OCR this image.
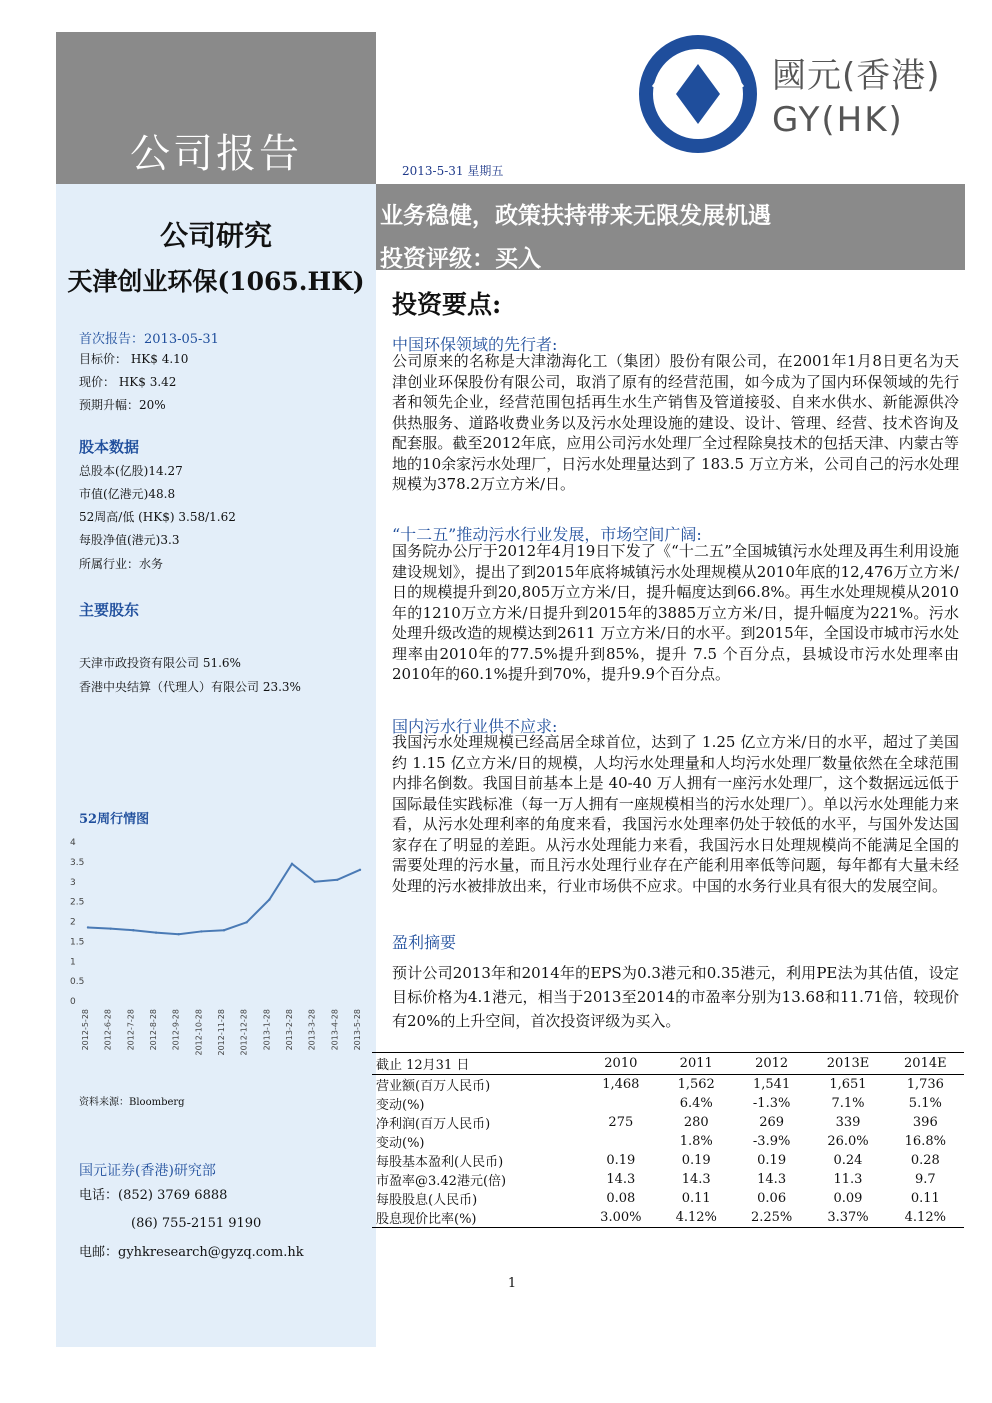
公司报告	2013-5-31 星期五
國元(香港)
GY(HK)
公司研究
天津创业环保(1065.HK)
首次报告：2013-05-31
目标价： HK$ 4.10
现价： HK$ 3.42
预期升幅：20%
股本数据
总股本(亿股)14.27
市值(亿港元)48.8
52周高/低 (HK$) 3.58/1.62
每股净值(港元)3.3
所属行业：水务
主要股东
天津市政投资有限公司 51.6%
香港中央结算（代理人）有限公司 23.3%
52周行情图
0
0.5
1
1.5
2
2.5
3
3.5
4
2012-5-28 2012-6-28 2012-7-28 2012-8-28 2012-9-28 2012-10-28 2012-11-28 2012-12-28 2013-1-28 2013-2-28 2013-3-28 2013-4-28 2013-5-28
资料来源：Bloomberg
国元证券(香港)研究部
电话：(852) 3769 6888
(86) 755-2151 9190
电邮：gyhkresearch@gyzq.com.hk
业务稳健，政策扶持带来无限发展机遇
投资评级：买入
投资要点:
中国环保领域的先行者:
公司原来的名称是大津渤海化工（集团）股份有限公司，在2001年1月8日更名为天津创业环保股份有限公司，取消了原有的经营范围，如今成为了国内环保领域的先行者和领先企业，经营范围包括再生水生产销售及管道接驳、自来水供水、新能源供冷供热服务、道路收费业务以及污水处理设施的建设、设计、管理、经营、技术咨询及配套服。截至2012年底，应用公司污水处理厂全过程除臭技术的包括天津、内蒙古等地的10余家污水处理厂，日污水处理量达到了 183.5 万立方米，公司自己的污水处理规模为378.2万立方米/日。
“十二五”推动污水行业发展，市场空间广阔:
国务院办公厅于2012年4月19日下发了《“十二五”全国城镇污水处理及再生利用设施建设规划》，提出了到2015年底将城镇污水处理规模从2010年底的12,476万立方米/日的规模提升到20,805万立方米/日，提升幅度达到66.8%。再生水处理规模从2010年的1210万立方米/日提升到2015年的3885万立方米/日，提升幅度为221%。污水处理升级改造的规模达到2611 万立方米/日的水平。到2015年，全国设市城市污水处理率由2010年的77.5%提升到85%，提升 7.5 个百分点，县城设市污水处理率由2010年的60.1%提升到70%，提升9.9个百分点。
国内污水行业供不应求:
我国污水处理规模已经高居全球首位，达到了 1.25 亿立方米/日的水平，超过了美国约 1.15 亿立方米/日的规模，人均污水处理量和人均污水处理厂数量依然在全球范围内排名倒数。我国目前基本上是 40-40 万人拥有一座污水处理厂，这个数据远远低于国际最佳实践标准（每一万人拥有一座规模相当的污水处理厂）。单以污水处理能力来看，从污水处理利率的角度来看，我国污水处理率仍处于较低的水平，与国外发达国家存在了明显的差距。从污水处理能力来看，我国污水日处理规模尚不能满足全国的需要处理的污水量，而且污水处理行业存在产能利用率低等问题，每年都有大量未经处理的污水被排放出来，行业市场供不应求。中国的水务行业具有很大的发展空间。
盈利摘要
预计公司2013年和2014年的EPS为0.3港元和0.35港元，利用PE法为其估值，设定目标价格为4.1港元，相当于2013至2014的市盈率分别为13.68和11.71倍，较现价有20%的上升空间，首次投资评级为买入。
截止 12月31 日	2010	2011	2012	2013E	2014E
营业额(百万人民币)	1,468	1,562	1,541	1,651	1,736
变动(%)		6.4%	-1.3%	7.1%	5.1%
净利润(百万人民币)	275	280	269	339	396
变动(%)		1.8%	-3.9%	26.0%	16.8%
每股基本盈利(人民币)	0.19	0.19	0.19	0.24	0.28
市盈率@3.42港元(倍)	14.3	14.3	14.3	11.3	9.7
每股股息(人民币)	0.08	0.11	0.06	0.09	0.11
股息现价比率(%)	3.00%	4.12%	2.25%	3.37%	4.12%
1
